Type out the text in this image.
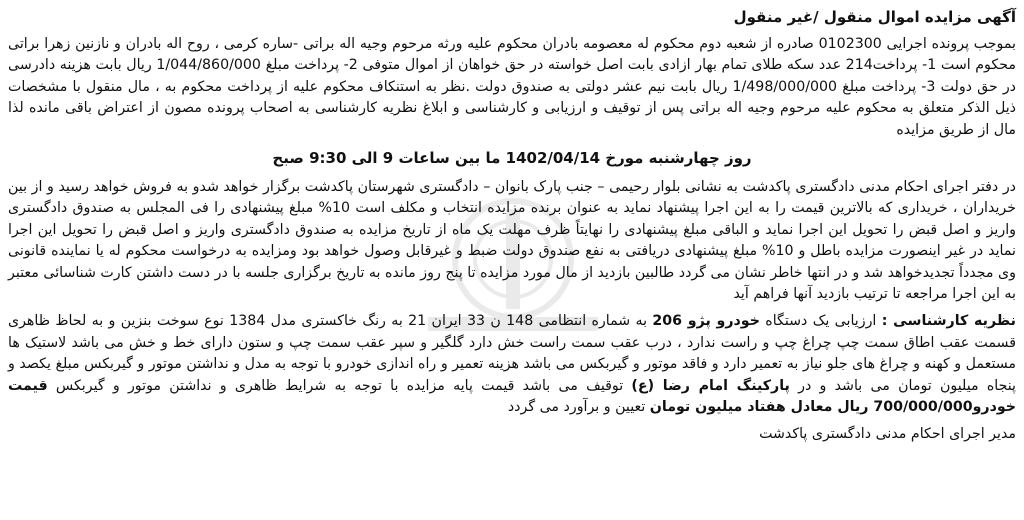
آگهی مزایده اموال منقول /غیر منقول

بموجب پرونده اجرایی 0102300 صادره از شعبه دوم محکوم له معصومه بادران محکوم علیه ورثه مرحوم وجیه اله براتی -ساره کرمی ، روح اله بادران و نازنین زهرا براتی محکوم است 1- پرداخت214 عدد سکه طلای تمام بهار ازادی بابت اصل خواسته در حق خواهان از اموال متوفی 2- پرداخت مبلغ 1/044/860/000 ریال بابت هزینه دادرسی در حق دولت 3- پرداخت مبلغ 1/498/000/000 ریال بابت نیم عشر دولتی به صندوق دولت .نظر به استنکاف محکوم علیه از پرداخت محکوم به ، مال منقول با مشخصات ذیل الذکر متعلق به محکوم علیه مرحوم وجیه اله براتی پس از توقیف و ارزیابی و کارشناسی و ابلاغ نظریه کارشناسی به اصحاب پرونده مصون از اعتراض باقی مانده لذا مال از طریق مزایده

روز چهارشنبه مورخ 1402/04/14 ما بین ساعات 9 الی 9:30 صبح

در دفتر اجرای احکام مدنی دادگستری پاکدشت به نشانی بلوار رحیمی – جنب پارک بانوان – دادگستری شهرستان پاکدشت برگزار خواهد شدو به فروش خواهد رسید و از بین خریداران ، خریداری که بالاترین قیمت را به این اجرا پیشنهاد نماید به عنوان برنده مزایده انتخاب و مکلف است 10% مبلغ پیشنهادی را فی المجلس به صندوق دادگستری واریز و اصل قبض را تحویل این اجرا نماید و الباقی مبلغ پیشنهادی را نهایتاً ظرف مهلت یک ماه از تاریخ مزایده به صندوق دادگستری واریز و اصل قبض را تحویل این اجرا نماید در غیر اینصورت مزایده باطل و 10% مبلغ پیشنهادی دریافتی به نفع صندوق دولت ضبط و غیرقابل وصول خواهد بود ومزایده به درخواست محکوم له یا نماینده قانونی وی مجدداً تجدیدخواهد شد و در انتها خاطر نشان می گردد طالبین بازدید از مال مورد مزایده تا پنج روز مانده به تاریخ برگزاری جلسه با در دست داشتن کارت شناسائی معتبر به این اجرا مراجعه تا ترتیب بازدید آنها فراهم آید

نظریه کارشناسی : ارزیابی یک دستگاه خودرو پژو 206 به شماره انتظامی 148 ن 33 ایران 21 به رنگ خاکستری مدل 1384 نوع سوخت بنزین و به لحاظ ظاهری قسمت عقب اطاق سمت چپ چراغ چپ و راست ندارد ، درب عقب سمت راست خش دارد گلگیر و سپر عقب سمت چپ و ستون دارای خط و خش می باشد لاستیک ها مستعمل و کهنه و چراغ های جلو نیاز به تعمیر دارد و فاقد موتور و گیربکس می باشد هزینه تعمیر و راه اندازی خودرو با توجه به مدل و نداشتن موتور و گیربکس مبلغ یکصد و پنجاه میلیون تومان می باشد و در پارکینگ امام رضا (ع) توقیف می باشد قیمت پایه مزایده با توجه به شرایط ظاهری و نداشتن موتور و گیربکس قیمت خودرو700/000/000 ریال معادل هفتاد میلیون تومان تعیین و برآورد می گردد

مدیر اجرای احکام مدنی دادگستری پاکدشت
